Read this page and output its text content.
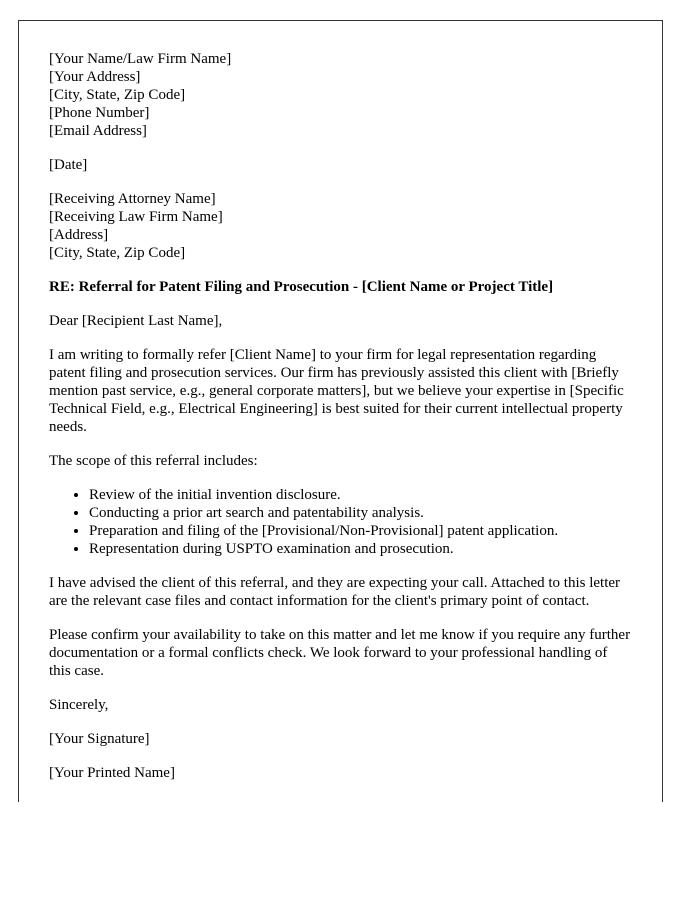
[Your Name/Law Firm Name]
[Your Address]
[City, State, Zip Code]
[Phone Number]
[Email Address]

[Date]

[Receiving Attorney Name]
[Receiving Law Firm Name]
[Address]
[City, State, Zip Code]

RE: Referral for Patent Filing and Prosecution - [Client Name or Project Title]

Dear [Recipient Last Name],

I am writing to formally refer [Client Name] to your firm for legal representation regarding patent filing and prosecution services. Our firm has previously assisted this client with [Briefly mention past service, e.g., general corporate matters], but we believe your expertise in [Specific Technical Field, e.g., Electrical Engineering] is best suited for their current intellectual property needs.

The scope of this referral includes:

• Review of the initial invention disclosure.
• Conducting a prior art search and patentability analysis.
• Preparation and filing of the [Provisional/Non-Provisional] patent application.
• Representation during USPTO examination and prosecution.

I have advised the client of this referral, and they are expecting your call. Attached to this letter are the relevant case files and contact information for the client's primary point of contact.

Please confirm your availability to take on this matter and let me know if you require any further documentation or a formal conflicts check. We look forward to your professional handling of this case.

Sincerely,

[Your Signature]

[Your Printed Name]
